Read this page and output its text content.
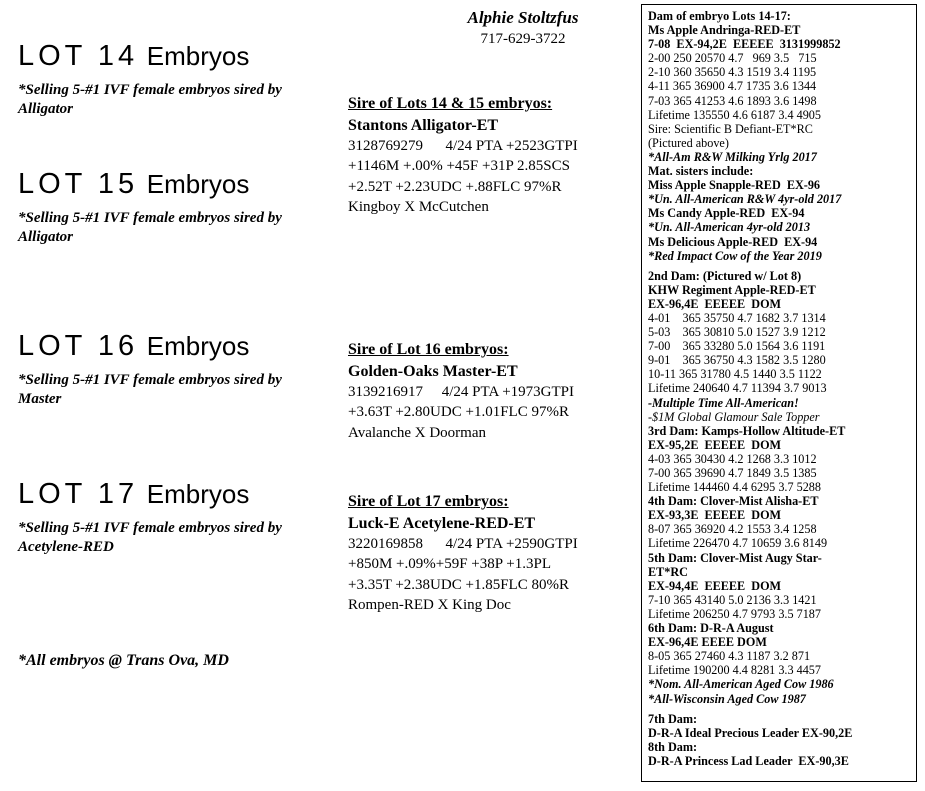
Alphie Stoltzfus
717-629-3722
LOT 14 Embryos
*Selling 5-#1 IVF female embryos sired by Alligator
LOT 15 Embryos
*Selling 5-#1 IVF female embryos sired by Alligator
LOT 16 Embryos
*Selling 5-#1 IVF female embryos sired by Master
LOT 17 Embryos
*Selling 5-#1 IVF female embryos sired by Acetylene-RED
Sire of Lots 14 & 15 embryos:
Stantons Alligator-ET
3128769279      4/24 PTA +2523GTPI
+1146M +.00% +45F +31P 2.85SCS
+2.52T +2.23UDC +.88FLC 97%R
Kingboy X McCutchen
Sire of Lot 16 embryos:
Golden-Oaks Master-ET
3139216917     4/24 PTA +1973GTPI
+3.63T +2.80UDC +1.01FLC 97%R
Avalanche X Doorman
Sire of Lot 17 embryos:
Luck-E Acetylene-RED-ET
3220169858      4/24 PTA +2590GTPI
+850M +.09%+59F +38P +1.3PL
+3.35T +2.38UDC +1.85FLC 80%R
Rompen-RED X King Doc
*All embryos @ Trans Ova, MD
Dam of embryo Lots 14-17:
Ms Apple Andringa-RED-ET
7-08  EX-94,2E  EEEEE  3131999852
2-00 250 20570 4.7   969 3.5   715
2-10 360 35650 4.3 1519 3.4 1195
4-11 365 36900 4.7 1735 3.6 1344
7-03 365 41253 4.6 1893 3.6 1498
Lifetime 135550 4.6 6187 3.4 4905
Sire: Scientific B Defiant-ET*RC
(Pictured above)
*All-Am R&W Milking Yrlg 2017
Mat. sisters include:
Miss Apple Snapple-RED  EX-96
*Un. All-American R&W 4yr-old 2017
Ms Candy Apple-RED  EX-94
*Un. All-American 4yr-old 2013
Ms Delicious Apple-RED  EX-94
*Red Impact Cow of the Year 2019
2nd Dam: (Pictured w/ Lot 8)
KHW Regiment Apple-RED-ET
EX-96,4E  EEEEE  DOM
4-01    365 35750 4.7 1682 3.7 1314
5-03    365 30810 5.0 1527 3.9 1212
7-00    365 33280 5.0 1564 3.6 1191
9-01    365 36750 4.3 1582 3.5 1280
10-11 365 31780 4.5 1440 3.5 1122
Lifetime 240640 4.7 11394 3.7 9013
-Multiple Time All-American!
-$1M Global Glamour Sale Topper
3rd Dam: Kamps-Hollow Altitude-ET
EX-95,2E  EEEEE  DOM
4-03 365 30430 4.2 1268 3.3 1012
7-00 365 39690 4.7 1849 3.5 1385
Lifetime 144460 4.4 6295 3.7 5288
4th Dam: Clover-Mist Alisha-ET
EX-93,3E  EEEEE  DOM
8-07 365 36920 4.2 1553 3.4 1258
Lifetime 226470 4.7 10659 3.6 8149
5th Dam: Clover-Mist Augy Star-
ET*RC
EX-94,4E  EEEEE  DOM
7-10 365 43140 5.0 2136 3.3 1421
Lifetime 206250 4.7 9793 3.5 7187
6th Dam: D-R-A August
EX-96,4E EEEE DOM
8-05 365 27460 4.3 1187 3.2 871
Lifetime 190200 4.4 8281 3.3 4457
*Nom. All-American Aged Cow 1986
*All-Wisconsin Aged Cow 1987
7th Dam:
D-R-A Ideal Precious Leader EX-90,2E
8th Dam:
D-R-A Princess Lad Leader  EX-90,3E
